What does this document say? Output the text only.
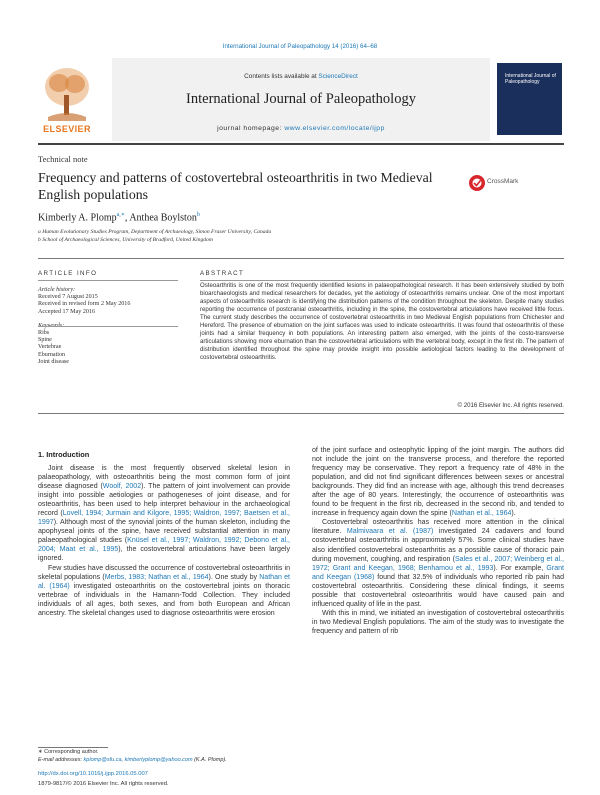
International Journal of Paleopathology 14 (2016) 64–68
ELSEVIER
Contents lists available at ScienceDirect
International Journal of Paleopathology
journal homepage: www.elsevier.com/locate/ijpp
International Journal of Paleopathology
Technical note
Frequency and patterns of costovertebral osteoarthritis in two Medieval English populations
CrossMark
Kimberly A. Plomp$^{a,∗}$, Anthea Boylston$^b$
a Human Evolutionary Studies Program, Department of Archaeology, Simon Fraser University, Canada
b School of Archaeological Sciences, University of Bradford, United Kingdom
ARTICLE INFO
Article history:
Received 7 August 2015
Received in revised form 2 May 2016
Accepted 17 May 2016
Ribs
Spine
Vertebrae
Eburnation
Joint disease
ABSTRACT
Osteoarthritis is one of the most frequently identified lesions in palaeopathological research. It has been extensively studied by both bioarchaeologists and medical researchers for decades, yet the aetiology of osteoarthritis remains unclear. One of the most important aspects of osteoarthritis research is identifying the distribution patterns of the condition throughout the skeleton. Despite many studies reporting the occurrence of postcranial osteoarthritis, including in the spine, the costovertebral articulations have received little focus. The current study describes the occurrence of costovertebral osteoarthritis in two Medieval English populations from Chichester and Hereford. The presence of eburnation on the joint surfaces was used to indicate osteoarthritis. It was found that osteoarthritis of these joints had a similar frequency in both populations. An interesting pattern also emerged, with the joints of the costo-transverse articulations showing more eburnation than the costovertebral articulations with the vertebral body, except in the first rib. The pattern of distribution identified throughout the spine may provide insight into possible aetiological factors leading to the development of costovertebral osteoarthritis.
© 2016 Elsevier Inc. All rights reserved.
1. Introduction

Joint disease is the most frequently observed skeletal lesion in palaeopathology, with osteoarthritis being the most common form of joint disease diagnosed (Woolf, 2002). The pattern of joint involvement can provide insight into possible aetiologies or pathogeneses of joint disease, and for osteoarthritis, has been used to help interpret behaviour in the archaeological record (Lovell, 1994; Jurmain and Kilgore, 1995; Waldron, 1997; Baetsen et al., 1997). Although most of the synovial joints of the human skeleton, including the apophyseal joints of the spine, have received substantial attention in many palaeopathological studies (Knüsel et al., 1997; Waldron, 1992; Debono et al., 2004; Maat et al., 1995), the costovertebral articulations have been largely ignored.

Few studies have discussed the occurrence of costovertebral osteoarthritis in skeletal populations (Merbs, 1983; Nathan et al., 1964). One study by Nathan et al. (1964) investigated osteoarthritis on the costovertebral joints on thoracic vertebrae of individuals in the Hamann-Todd Collection. They included individuals of all ages, both sexes, and from both European and African ancestry. The skeletal changes used to diagnose osteoarthritis were erosion

of the joint surface and osteophytic lipping of the joint margin. The authors did not include the joint on the transverse process, and therefore the reported frequency may be conservative. They report a frequency rate of 48% in the population, and did not find significant differences between sexes or ancestral backgrounds. They did find an increase with age, although this trend decreases after the age of 80 years. Interestingly, the occurrence of osteoarthritis was found to be frequent in the first rib, decreased in the second rib, and tended to increase in frequency again down the spine (Nathan et al., 1964).

Costovertebral osteoarthritis has received more attention in the clinical literature. Malmivaara et al. (1987) investigated 24 cadavers and found costovertebral osteoarthritis in approximately 57%. Some clinical studies have also identified costovertebral osteoarthritis as a possible cause of thoracic pain during movement, coughing, and respiration (Sales et al., 2007; Weinberg et al., 1972; Grant and Keegan, 1968; Benhamou et al., 1993). For example, Grant and Keegan (1968) found that 32.5% of individuals who reported rib pain had costovertebral osteoarthritis. Considering these clinical findings, it seems possible that costovertebral osteoarthritis would have caused pain and influenced quality of life in the past.

With this in mind, we initiated an investigation of costovertebral osteoarthritis in two Medieval English populations. The aim of the study was to investigate the frequency and pattern of rib

∗ Corresponding author.
E-mail addresses: kplomp@sfu.ca, kimberlyplomp@yahoo.com (K.A. Plomp).
http://dx.doi.org/10.1016/j.ijpp.2016.05.007
1879-9817/© 2016 Elsevier Inc. All rights reserved.
